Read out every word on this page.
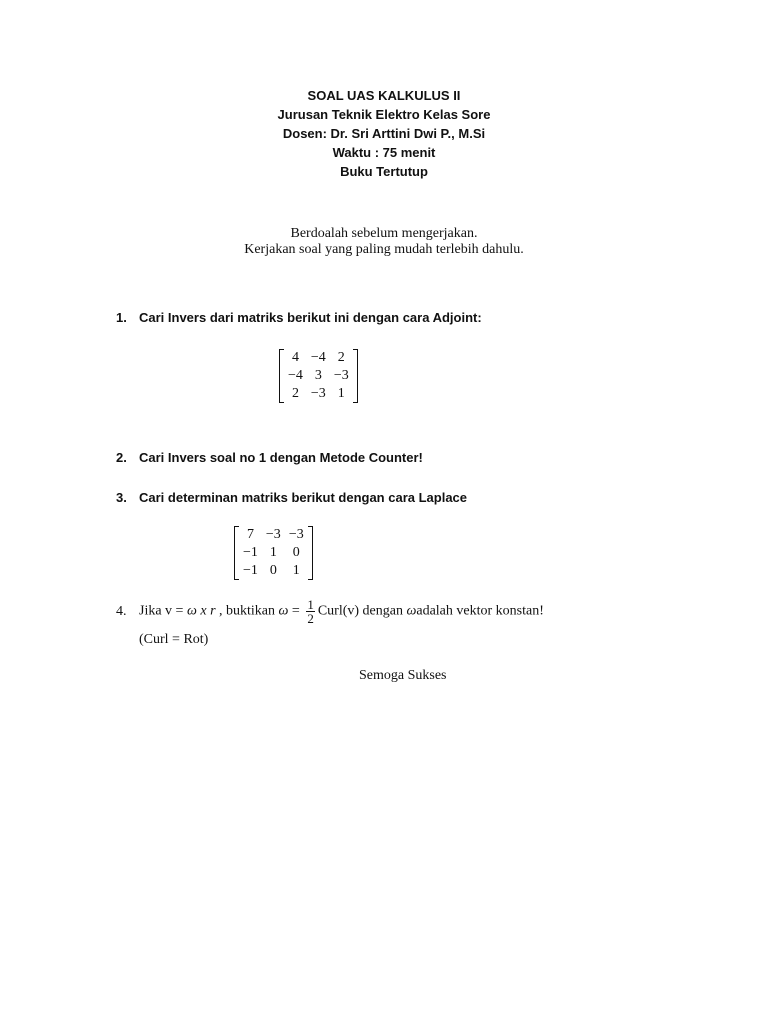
SOAL UAS KALKULUS II
Jurusan Teknik Elektro Kelas Sore
Dosen: Dr. Sri Arttini Dwi P., M.Si
Waktu : 75 menit
Buku Tertutup
Berdoalah sebelum mengerjakan.
Kerjakan soal yang paling mudah terlebih dahulu.
1. Cari Invers dari matriks berikut ini dengan cara Adjoint:
4	−4	2
−4	3	−3
2	−3	1
2. Cari Invers soal no 1 dengan Metode Counter!
3. Cari determinan matriks berikut dengan cara Laplace
7	−3	−3
−1	1	0
−1	0	1
4. Jika v = ω x r , buktikan $\omega = \frac{1}{2}$ Curl(v) dengan ωadalah vektor konstan!
(Curl = Rot)
Semoga Sukses
